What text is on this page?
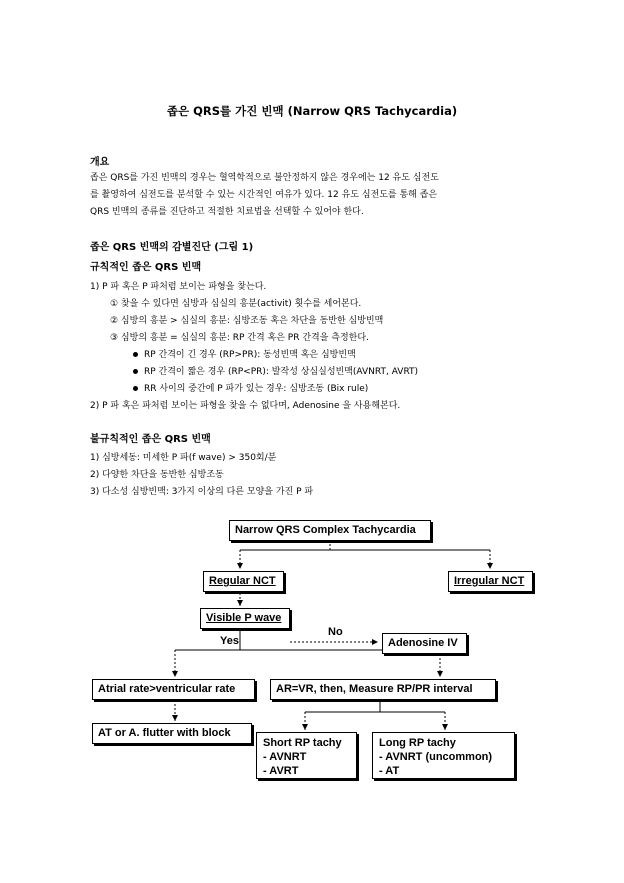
좁은 QRS를 가진 빈맥 (Narrow QRS Tachycardia)
개요
좁은 QRS를 가진 빈맥의 경우는 혈역학적으로 불안정하지 않은 경우에는 12 유도 심전도
를 촬영하여 심전도를 분석할 수 있는 시간적인 여유가 있다. 12 유도 심전도를 통해 좁은
QRS 빈맥의 종류를 진단하고 적절한 치료법을 선택할 수 있어야 한다.
좁은 QRS 빈맥의 감별진단 (그림 1)
규칙적인 좁은 QRS 빈맥
1) P 파 혹은 P 파처럼 보이는 파형을 찾는다.
① 찾을 수 있다면 심방과 심실의 흥분(activit) 횟수를 세어본다.
② 심방의 흥분 > 심실의 흥분: 심방조동 혹은 차단을 동반한 심방빈맥
③ 심방의 흥분 = 심실의 흥분: RP 간격 혹은 PR 간격을 측정한다.
RP 간격이 긴 경우 (RP>PR): 동성빈맥 혹은 심방빈맥
RP 간격이 짧은 경우 (RP<PR): 발작성 상심실성빈맥(AVNRT, AVRT)
RR 사이의 중간에 P 파가 있는 경우: 심방조동 (Bix rule)
2) P 파 혹은 파처럼 보이는 파형을 찾을 수 없다며, Adenosine 을 사용해본다.
불규칙적인 좁은 QRS 빈맥
1) 심방세동: 미세한 P 파(f wave) > 350회/분
2) 다양한 차단을 동반한 심방조동
3) 다소성 심방빈맥: 3가지 이상의 다른 모양을 가진 P 파
Narrow QRS Complex Tachycardia
Regular NCT	Irregular NCT
Visible P wave
Yes
No
Adenosine IV
Atrial rate>ventricular rate	AR=VR, then, Measure RP/PR interval
AT or A. flutter with block
Short RP tachy
- AVNRT
- AVRT
Long RP tachy
- AVNRT (uncommon)
- AT
